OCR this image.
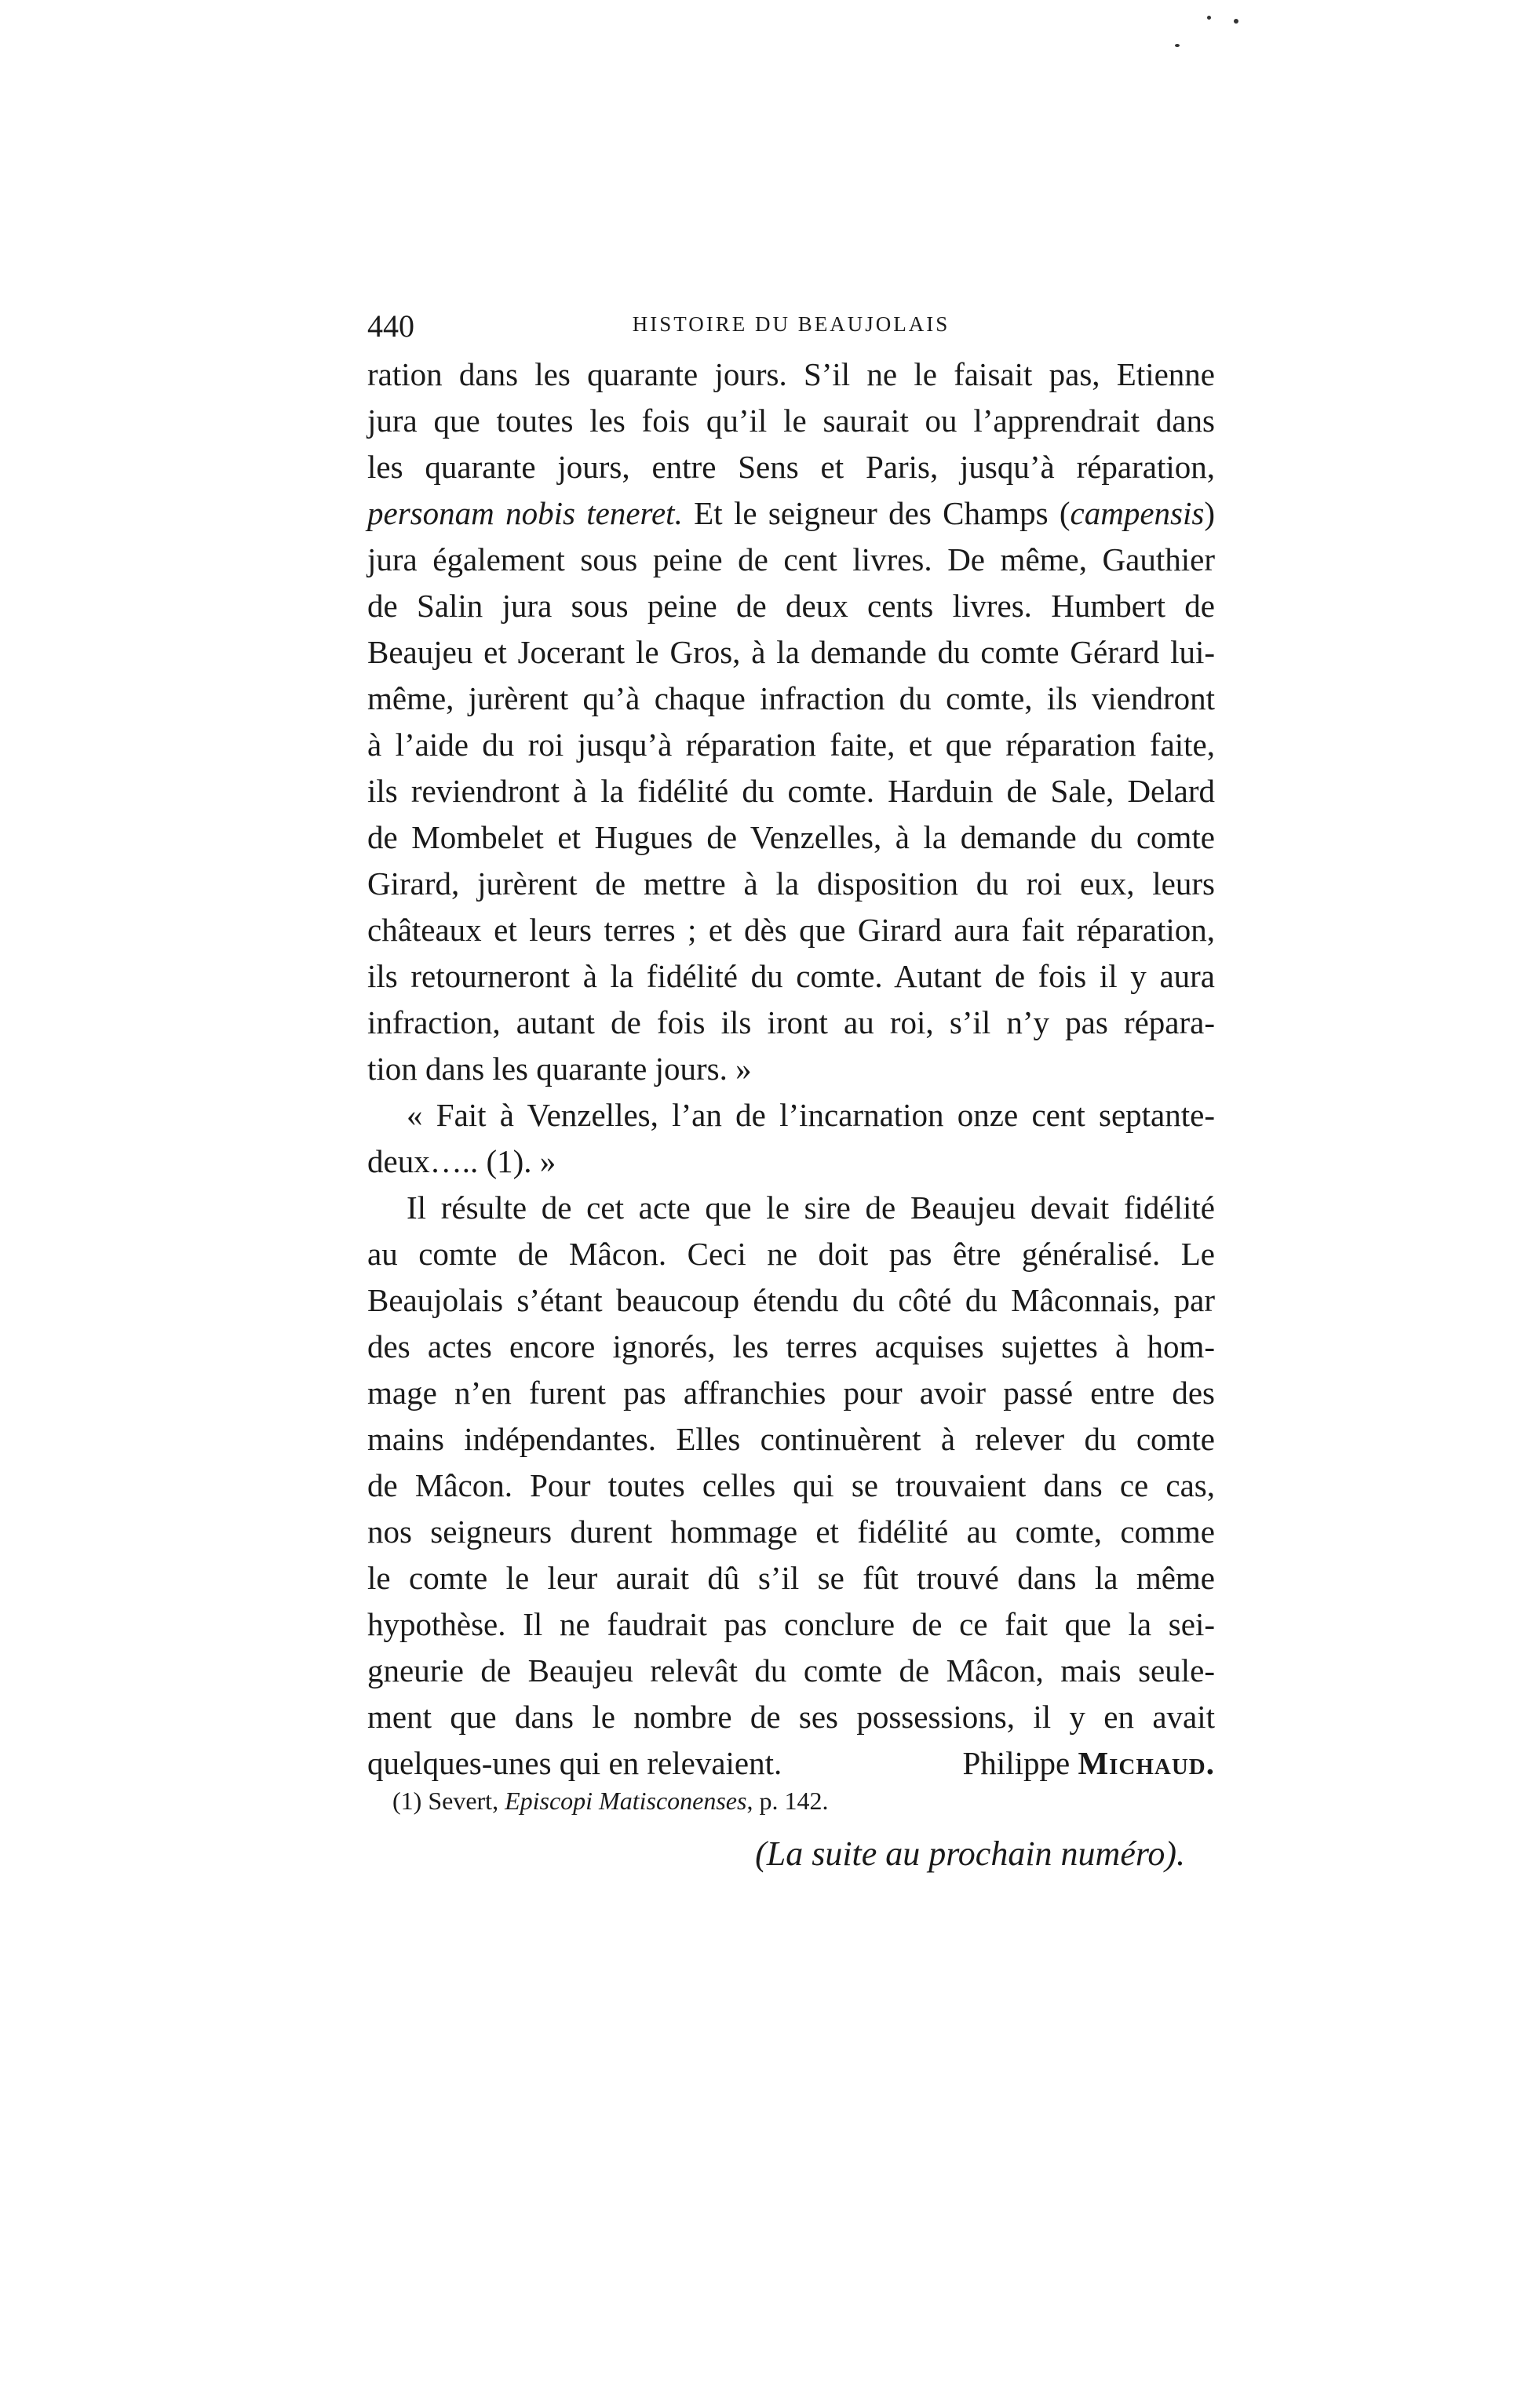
440	HISTOIRE DU BEAUJOLAIS
ration dans les quarante jours. S’il ne le faisait pas, Etienne
jura que toutes les fois qu’il le saurait ou l’apprendrait dans
les quarante jours, entre Sens et Paris, jusqu’à réparation,
personam nobis teneret. Et le seigneur des Champs (campensis)
jura également sous peine de cent livres. De même, Gauthier
de Salin jura sous peine de deux cents livres. Humbert de
Beaujeu et Jocerant le Gros, à la demande du comte Gérard lui-
même, jurèrent qu’à chaque infraction du comte, ils viendront
à l’aide du roi jusqu’à réparation faite, et que réparation faite,
ils reviendront à la fidélité du comte. Harduin de Sale, Delard
de Mombelet et Hugues de Venzelles, à la demande du comte
Girard, jurèrent de mettre à la disposition du roi eux, leurs
châteaux et leurs terres ; et dès que Girard aura fait réparation,
ils retourneront à la fidélité du comte. Autant de fois il y aura
infraction, autant de fois ils iront au roi, s’il n’y pas répara-
tion dans les quarante jours. »
« Fait à Venzelles, l’an de l’incarnation onze cent septante-
deux….. (1). »
Il résulte de cet acte que le sire de Beaujeu devait fidélité
au comte de Mâcon. Ceci ne doit pas être généralisé. Le
Beaujolais s’étant beaucoup étendu du côté du Mâconnais, par
des actes encore ignorés, les terres acquises sujettes à hom-
mage n’en furent pas affranchies pour avoir passé entre des
mains indépendantes. Elles continuèrent à relever du comte
de Mâcon. Pour toutes celles qui se trouvaient dans ce cas,
nos seigneurs durent hommage et fidélité au comte, comme
le comte le leur aurait dû s’il se fût trouvé dans la même
hypothèse. Il ne faudrait pas conclure de ce fait que la sei-
gneurie de Beaujeu relevât du comte de Mâcon, mais seule-
ment que dans le nombre de ses possessions, il y en avait
quelques-unes qui en relevaient.	Philippe Michaud.
(1) Severt, Episcopi Matisconenses, p. 142.
(La suite au prochain numéro).
